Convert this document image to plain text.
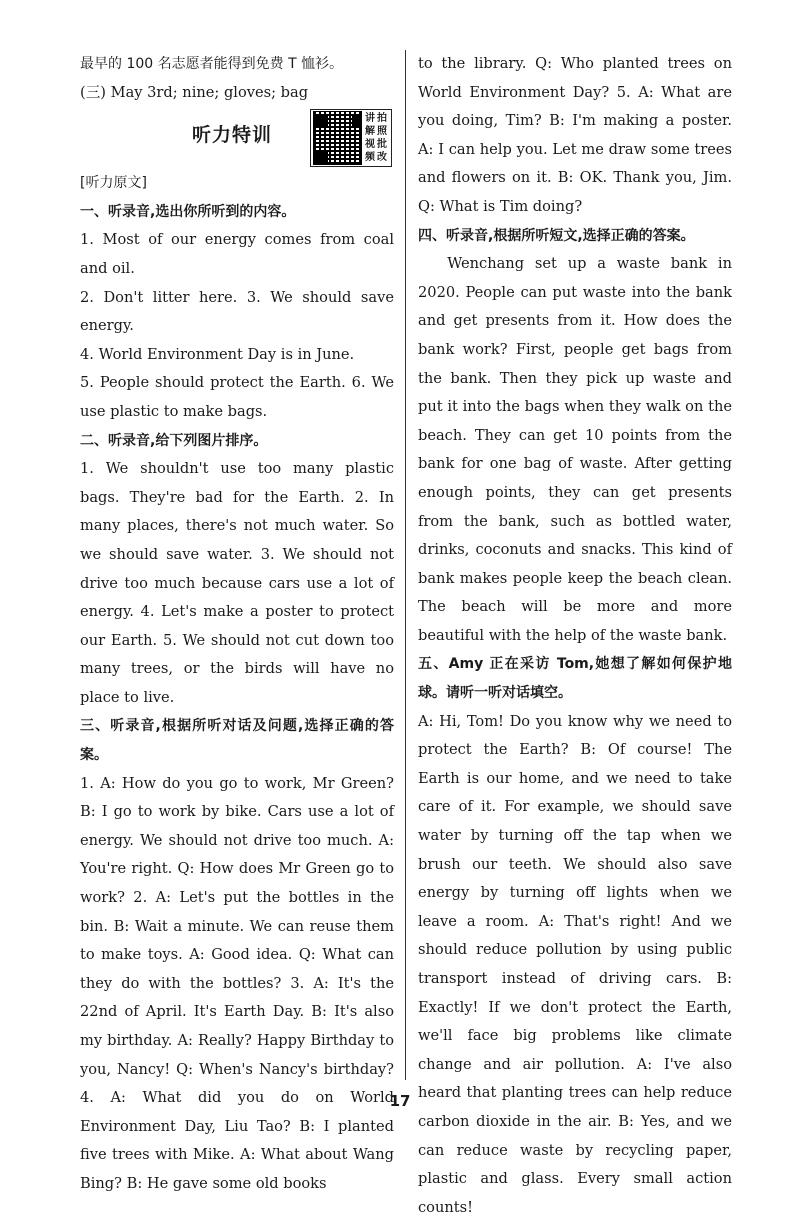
最早的 100 名志愿者能得到免费 T 恤衫。

(三) May 3rd; nine; gloves; bag

听力特训
讲 拍
解 照
视 批
频 改

[听力原文]

一、听录音,选出你所听到的内容。

1. Most of our energy comes from coal and oil.

2. Don't litter here. 3. We should save energy.

4. World Environment Day is in June.

5. People should protect the Earth. 6. We use plastic to make bags.

二、听录音,给下列图片排序。

1. We shouldn't use too many plastic bags. They're bad for the Earth. 2. In many places, there's not much water. So we should save water. 3. We should not drive too much because cars use a lot of energy. 4. Let's make a poster to protect our Earth. 5. We should not cut down too many trees, or the birds will have no place to live.

三、听录音,根据所听对话及问题,选择正确的答案。

1. A: How do you go to work, Mr Green? B: I go to work by bike. Cars use a lot of energy. We should not drive too much. A: You're right. Q: How does Mr Green go to work? 2. A: Let's put the bottles in the bin. B: Wait a minute. We can reuse them to make toys. A: Good idea. Q: What can they do with the bottles? 3. A: It's the 22nd of April. It's Earth Day. B: It's also my birthday. A: Really? Happy Birthday to you, Nancy! Q: When's Nancy's birthday? 4. A: What did you do on World Environment Day, Liu Tao? B: I planted five trees with Mike. A: What about Wang Bing? B: He gave some old books

to the library. Q: Who planted trees on World Environment Day? 5. A: What are you doing, Tim? B: I'm making a poster. A: I can help you. Let me draw some trees and flowers on it. B: OK. Thank you, Jim. Q: What is Tim doing?

四、听录音,根据所听短文,选择正确的答案。

Wenchang set up a waste bank in 2020. People can put waste into the bank and get presents from it. How does the bank work? First, people get bags from the bank. Then they pick up waste and put it into the bags when they walk on the beach. They can get 10 points from the bank for one bag of waste. After getting enough points, they can get presents from the bank, such as bottled water, drinks, coconuts and snacks. This kind of bank makes people keep the beach clean. The beach will be more and more beautiful with the help of the waste bank.

五、Amy 正在采访 Tom,她想了解如何保护地球。请听一听对话填空。

A: Hi, Tom! Do you know why we need to protect the Earth? B: Of course! The Earth is our home, and we need to take care of it. For example, we should save water by turning off the tap when we brush our teeth. We should also save energy by turning off lights when we leave a room. A: That's right! And we should reduce pollution by using public transport instead of driving cars. B: Exactly! If we don't protect the Earth, we'll face big problems like climate change and air pollution. A: I've also heard that planting trees can help reduce carbon dioxide in the air. B: Yes, and we can reduce waste by recycling paper, plastic and glass. Every small action counts!

17
